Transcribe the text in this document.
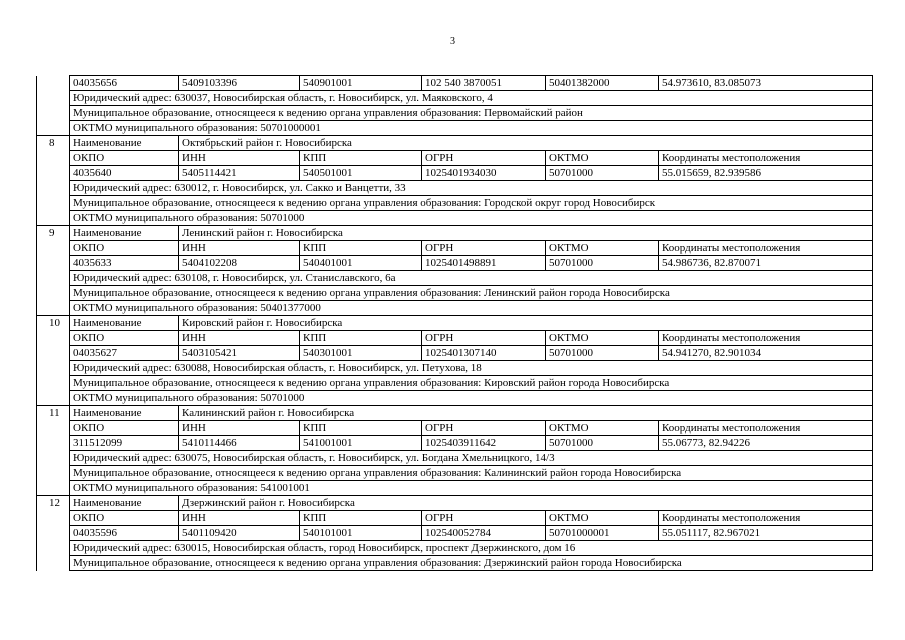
3
	04035656	5409103396	540901001	102 540 3870051	50401382000	54.973610, 83.085073
	Юридический адрес: 630037, Новосибирская область, г. Новосибирск, ул. Маяковского, 4					
	Муниципальное образование, относящееся к ведению органа управления образования: Первомайский район					
	ОКТМО муниципального образования: 50701000001					
8	Наименование	Октябрьский район г. Новосибирска				
	ОКПО	ИНН	КПП	ОГРН	ОКТМО	Координаты местоположения
	4035640	5405114421	540501001	1025401934030	50701000	55.015659, 82.939586
	Юридический адрес: 630012, г. Новосибирск, ул. Сакко и Ванцетти, 33					
	Муниципальное образование, относящееся к ведению органа управления образования: Городской округ город Новосибирск					
	ОКТМО муниципального образования: 50701000					
9	Наименование	Ленинский район г. Новосибирска				
	ОКПО	ИНН	КПП	ОГРН	ОКТМО	Координаты местоположения
	4035633	5404102208	540401001	1025401498891	50701000	54.986736, 82.870071
	Юридический адрес: 630108, г. Новосибирск, ул. Станиславского, 6а					
	Муниципальное образование, относящееся к ведению органа управления образования: Ленинский район города Новосибирска					
	ОКТМО муниципального образования: 50401377000					
10	Наименование	Кировский район г. Новосибирска				
	ОКПО	ИНН	КПП	ОГРН	ОКТМО	Координаты местоположения
	04035627	5403105421	540301001	1025401307140	50701000	54.941270, 82.901034
	Юридический адрес: 630088, Новосибирская область, г. Новосибирск, ул. Петухова, 18					
	Муниципальное образование, относящееся к ведению органа управления образования: Кировский район города Новосибирска					
	ОКТМО муниципального образования: 50701000					
11	Наименование	Калининский район г. Новосибирска				
	ОКПО	ИНН	КПП	ОГРН	ОКТМО	Координаты местоположения
	311512099	5410114466	541001001	1025403911642	50701000	55.06773, 82.94226
	Юридический адрес: 630075, Новосибирская область, г. Новосибирск, ул. Богдана Хмельницкого, 14/3					
	Муниципальное образование, относящееся к ведению органа управления образования: Калининский район города Новосибирска					
	ОКТМО муниципального образования: 541001001					
12	Наименование	Дзержинский район г. Новосибирска				
	ОКПО	ИНН	КПП	ОГРН	ОКТМО	Координаты местоположения
	04035596	5401109420	540101001	102540052784	50701000001	55.051117, 82.967021
	Юридический адрес: 630015, Новосибирская область, город Новосибирск, проспект Дзержинского, дом 16					
	Муниципальное образование, относящееся к ведению органа управления образования: Дзержинский район города Новосибирска					
